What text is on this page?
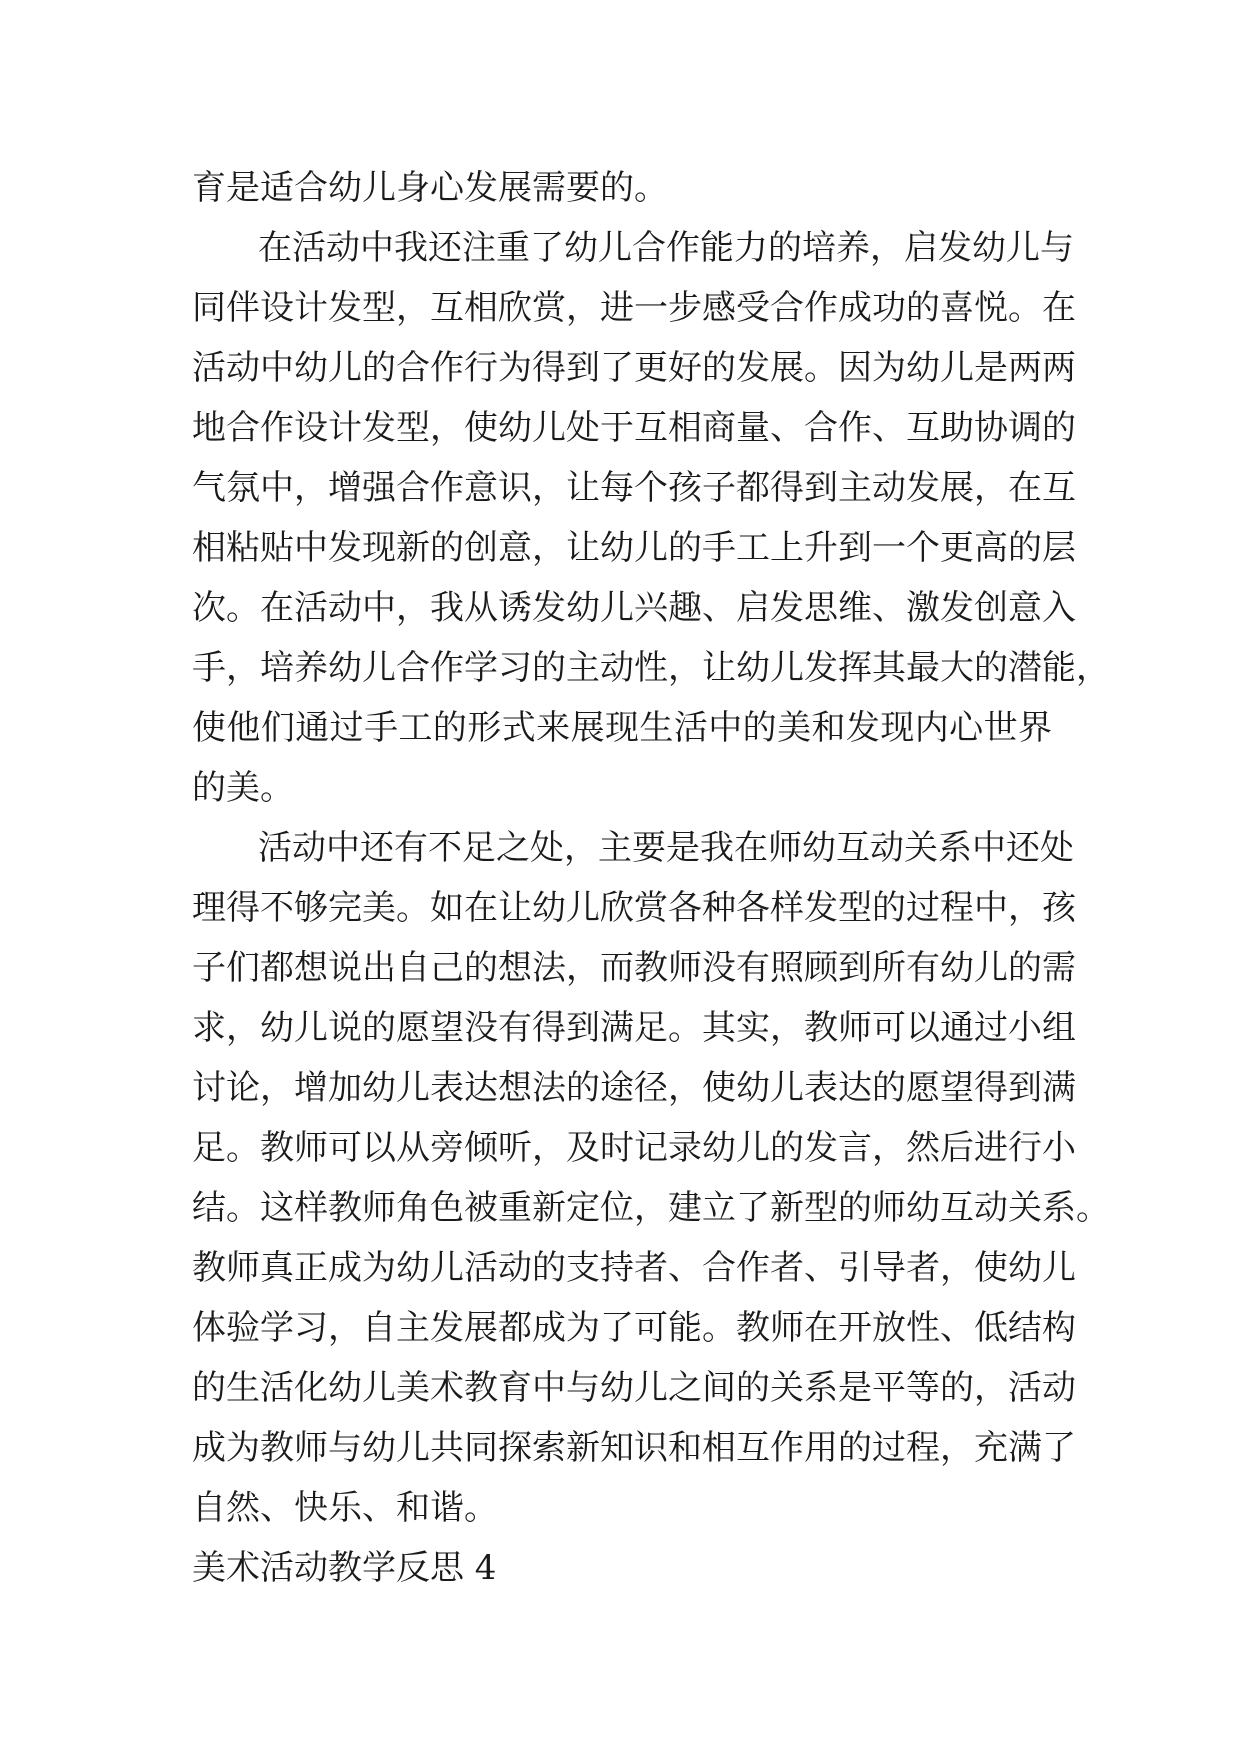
育是适合幼儿身心发展需要的。
在活动中我还注重了幼儿合作能力的培养，启发幼儿与
同伴设计发型，互相欣赏，进一步感受合作成功的喜悦。在
活动中幼儿的合作行为得到了更好的发展。因为幼儿是两两
地合作设计发型，使幼儿处于互相商量、合作、互助协调的
气氛中，增强合作意识，让每个孩子都得到主动发展，在互
相粘贴中发现新的创意，让幼儿的手工上升到一个更高的层
次。在活动中，我从诱发幼儿兴趣、启发思维、激发创意入
手，培养幼儿合作学习的主动性，让幼儿发挥其最大的潜能，
使他们通过手工的形式来展现生活中的美和发现内心世界
的美。
活动中还有不足之处，主要是我在师幼互动关系中还处
理得不够完美。如在让幼儿欣赏各种各样发型的过程中，孩
子们都想说出自己的想法，而教师没有照顾到所有幼儿的需
求，幼儿说的愿望没有得到满足。其实，教师可以通过小组
讨论，增加幼儿表达想法的途径，使幼儿表达的愿望得到满
足。教师可以从旁倾听，及时记录幼儿的发言，然后进行小
结。这样教师角色被重新定位，建立了新型的师幼互动关系。
教师真正成为幼儿活动的支持者、合作者、引导者，使幼儿
体验学习，自主发展都成为了可能。教师在开放性、低结构
的生活化幼儿美术教育中与幼儿之间的关系是平等的，活动
成为教师与幼儿共同探索新知识和相互作用的过程，充满了
自然、快乐、和谐。
美术活动教学反思 4
